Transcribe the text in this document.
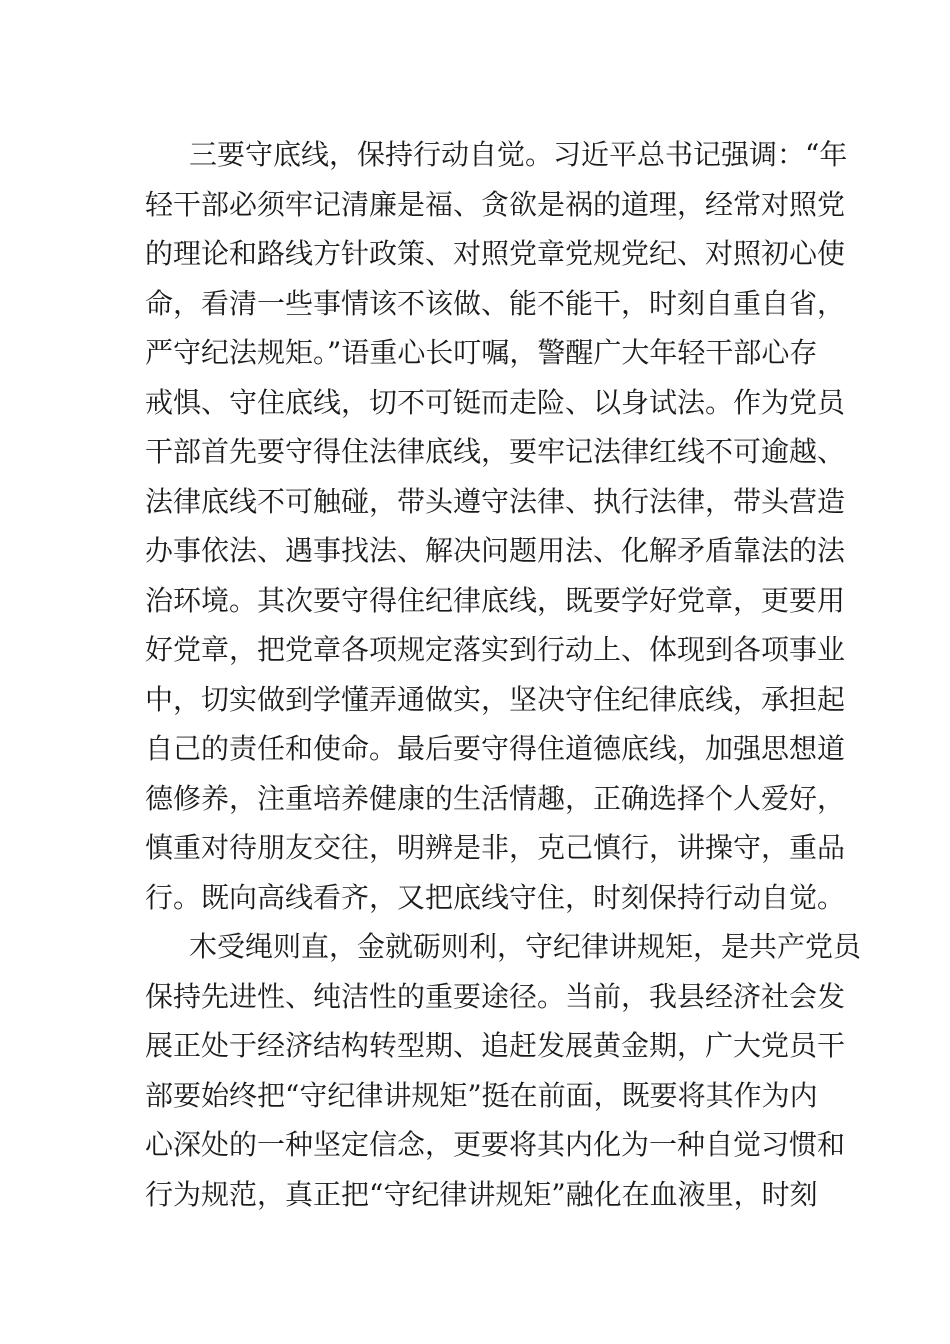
三要守底线，保持行动自觉。习近平总书记强调：“年
轻干部必须牢记清廉是福、贪欲是祸的道理，经常对照党
的理论和路线方针政策、对照党章党规党纪、对照初心使
命，看清一些事情该不该做、能不能干，时刻自重自省，
严守纪法规矩。”语重心长叮嘱，警醒广大年轻干部心存
戒惧、守住底线，切不可铤而走险、以身试法。作为党员
干部首先要守得住法律底线，要牢记法律红线不可逾越、
法律底线不可触碰，带头遵守法律、执行法律，带头营造
办事依法、遇事找法、解决问题用法、化解矛盾靠法的法
治环境。其次要守得住纪律底线，既要学好党章，更要用
好党章，把党章各项规定落实到行动上、体现到各项事业
中，切实做到学懂弄通做实，坚决守住纪律底线，承担起
自己的责任和使命。最后要守得住道德底线，加强思想道
德修养，注重培养健康的生活情趣，正确选择个人爱好，
慎重对待朋友交往，明辨是非，克己慎行，讲操守，重品
行。既向高线看齐，又把底线守住，时刻保持行动自觉。
木受绳则直，金就砺则利，守纪律讲规矩，是共产党员
保持先进性、纯洁性的重要途径。当前，我县经济社会发
展正处于经济结构转型期、追赶发展黄金期，广大党员干
部要始终把“守纪律讲规矩”挺在前面，既要将其作为内
心深处的一种坚定信念，更要将其内化为一种自觉习惯和
行为规范，真正把“守纪律讲规矩”融化在血液里，时刻
